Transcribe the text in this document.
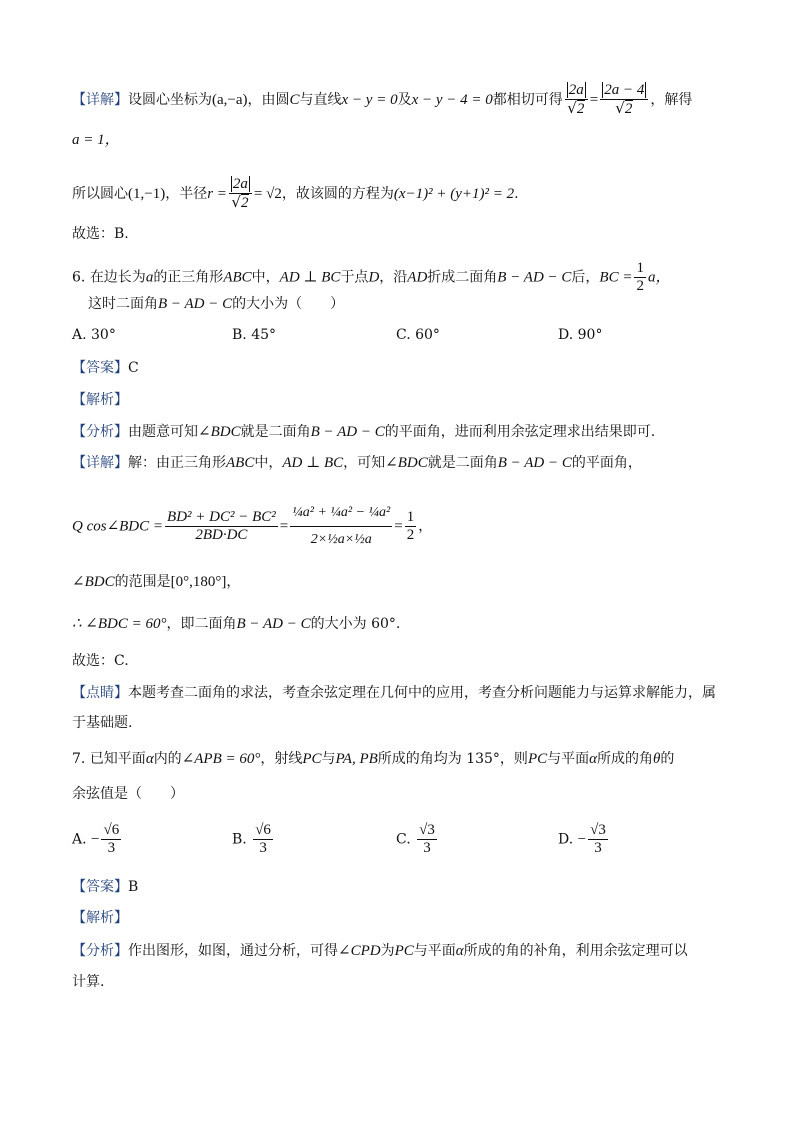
【详解】设圆心坐标为(a,−a)，由圆C与直线x − y = 0及x − y − 4 = 0都相切可得 $\frac{2a}{√2} = \frac{2a - 4}{√2}$ ，解得
a = 1，
所以圆心(1,−1)，半径$r = \frac{2a}{√2} = √2$，故该圆的方程为(x−1)² + (y+1)² = 2.
故选：B.
6. 在边长为a的正三角形ABC中，AD ⊥ BC于点D，沿AD折成二面角B − AD − C后，BC = $\frac{1}{2}$ a，
这时二面角B − AD − C的大小为（　　）
A. 30°	B. 45°	C. 60°	D. 90°
【答案】C
【解析】
【分析】由题意可知∠BDC就是二面角B − AD − C的平面角，进而利用余弦定理求出结果即可.
【详解】解：由正三角形ABC中，AD ⊥ BC，可知∠BDC就是二面角B − AD − C的平面角，
Q cos∠BDC = $\frac{\text{BD² + DC² − BC²}}{2BD\cdot DC} = \frac{\text{¼a² + ¼a² − ¼a²}}{\text{2×½a×½a}} = \frac{1}{2}$ ，
∠BDC的范围是[0°,180°]，
∴ ∠BDC = 60°，即二面角B − AD − C的大小为 60°.
故选：C.
【点睛】本题考查二面角的求法，考查余弦定理在几何中的应用，考查分析问题能力与运算求解能力，属
于基础题.
7. 已知平面α内的∠APB = 60°，射线PC与PA, PB所成的角均为 135°，则PC与平面α所成的角θ的
余弦值是（　　）
A. − $\frac{√6}{3}$	B. $\frac{√6}{3}$	C. $\frac{√3}{3}$	D. − $\frac{√3}{3}$
【答案】B
【解析】
【分析】作出图形，如图，通过分析，可得∠CPD为PC与平面α所成的角的补角，利用余弦定理可以
计算.
